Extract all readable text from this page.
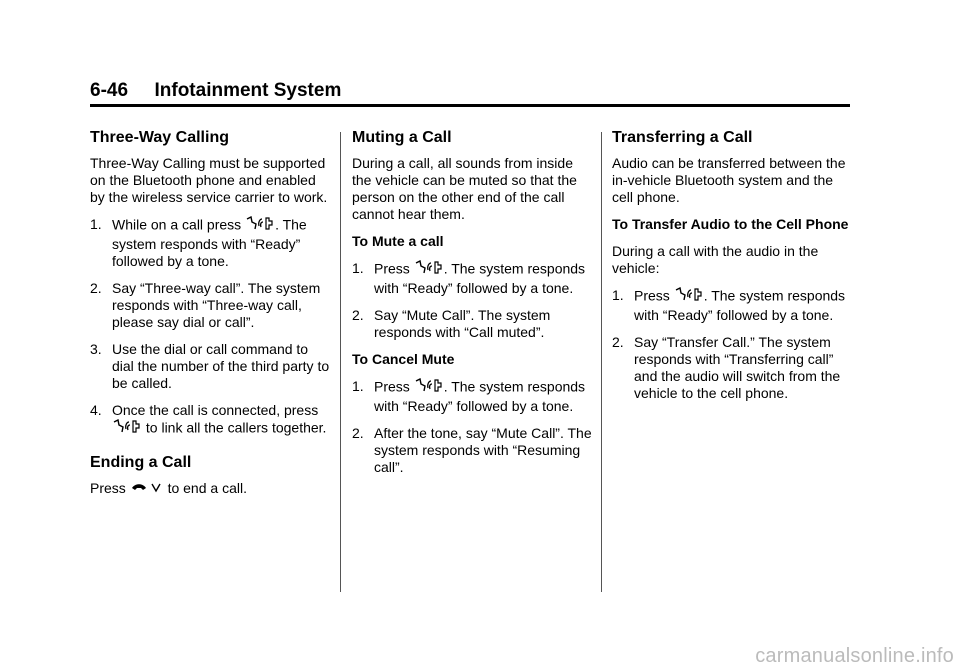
6-46 Infotainment System
Three-Way Calling

Three-Way Calling must be supported on the Bluetooth phone and enabled by the wireless service carrier to work.

1. While on a call press . The system responds with “Ready” followed by a tone.
2. Say “Three-way call”. The system responds with “Three-way call, please say dial or call”.
3. Use the dial or call command to dial the number of the third party to be called.
4. Once the call is connected, press  to link all the callers together.
Ending a Call

Press	to end a call.

Muting a Call

During a call, all sounds from inside the vehicle can be muted so that the person on the other end of the call cannot hear them.

To Mute a call
1. Press . The system responds with “Ready” followed by a tone.
2. Say “Mute Call”. The system responds with “Call muted”.
To Cancel Mute
1. Press . The system responds with “Ready” followed by a tone.
2. After the tone, say “Mute Call”. The system responds with “Resuming call”.
Transferring a Call

Audio can be transferred between the in-vehicle Bluetooth system and the cell phone.

To Transfer Audio to the Cell Phone

During a call with the audio in the vehicle:

1. Press . The system responds with “Ready” followed by a tone.
2. Say “Transfer Call.” The system responds with “Transferring call” and the audio will switch from the vehicle to the cell phone.
carmanualsonline.info
